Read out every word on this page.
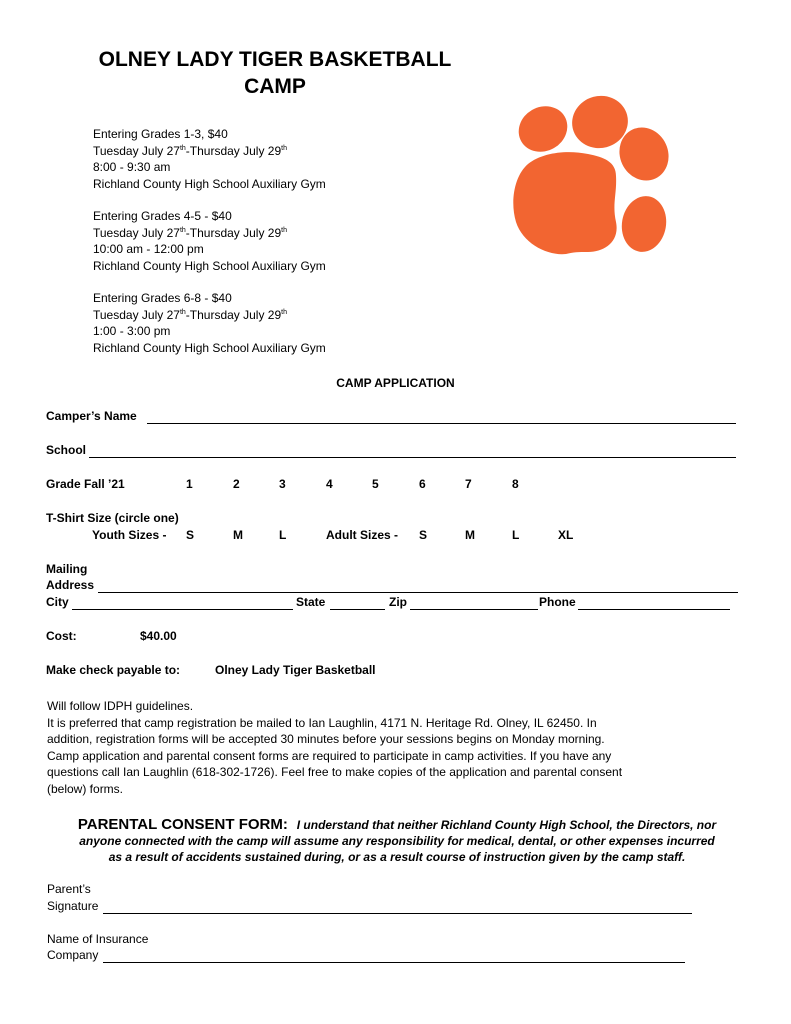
OLNEY LADY TIGER BASKETBALL
CAMP
Entering Grades 1-3, $40
Tuesday July 27th-Thursday July 29th
8:00 - 9:30 am
Richland County High School Auxiliary Gym
Entering Grades 4-5 - $40
Tuesday July 27th-Thursday July 29th
10:00 am - 12:00 pm
Richland County High School Auxiliary Gym
Entering Grades 6-8 - $40
Tuesday July 27th-Thursday July 29th
1:00 - 3:00 pm
Richland County High School Auxiliary Gym
CAMP APPLICATION
Camper’s Name
School
Grade Fall ’21	1	2	3	4	5	6	7	8
T-Shirt Size (circle one)
Youth Sizes - S	M	L	Adult Sizes - S	M	L	XL
Mailing
Address
City	State	Zip	Phone
Cost:	$40.00
Make check payable to:	Olney Lady Tiger Basketball
Will follow IDPH guidelines.
It is preferred that camp registration be mailed to Ian Laughlin, 4171 N. Heritage Rd. Olney, IL 62450. In
addition, registration forms will be accepted 30 minutes before your sessions begins on Monday morning.
Camp application and parental consent forms are required to participate in camp activities. If you have any
questions call Ian Laughlin (618-302-1726). Feel free to make copies of the application and parental consent
(below) forms.
PARENTAL CONSENT FORM: I understand that neither Richland County High School, the Directors, nor
anyone connected with the camp will assume any responsibility for medical, dental, or other expenses incurred
as a result of accidents sustained during, or as a result course of instruction given by the camp staff.
Parent’s
Signature
Name of Insurance
Company
